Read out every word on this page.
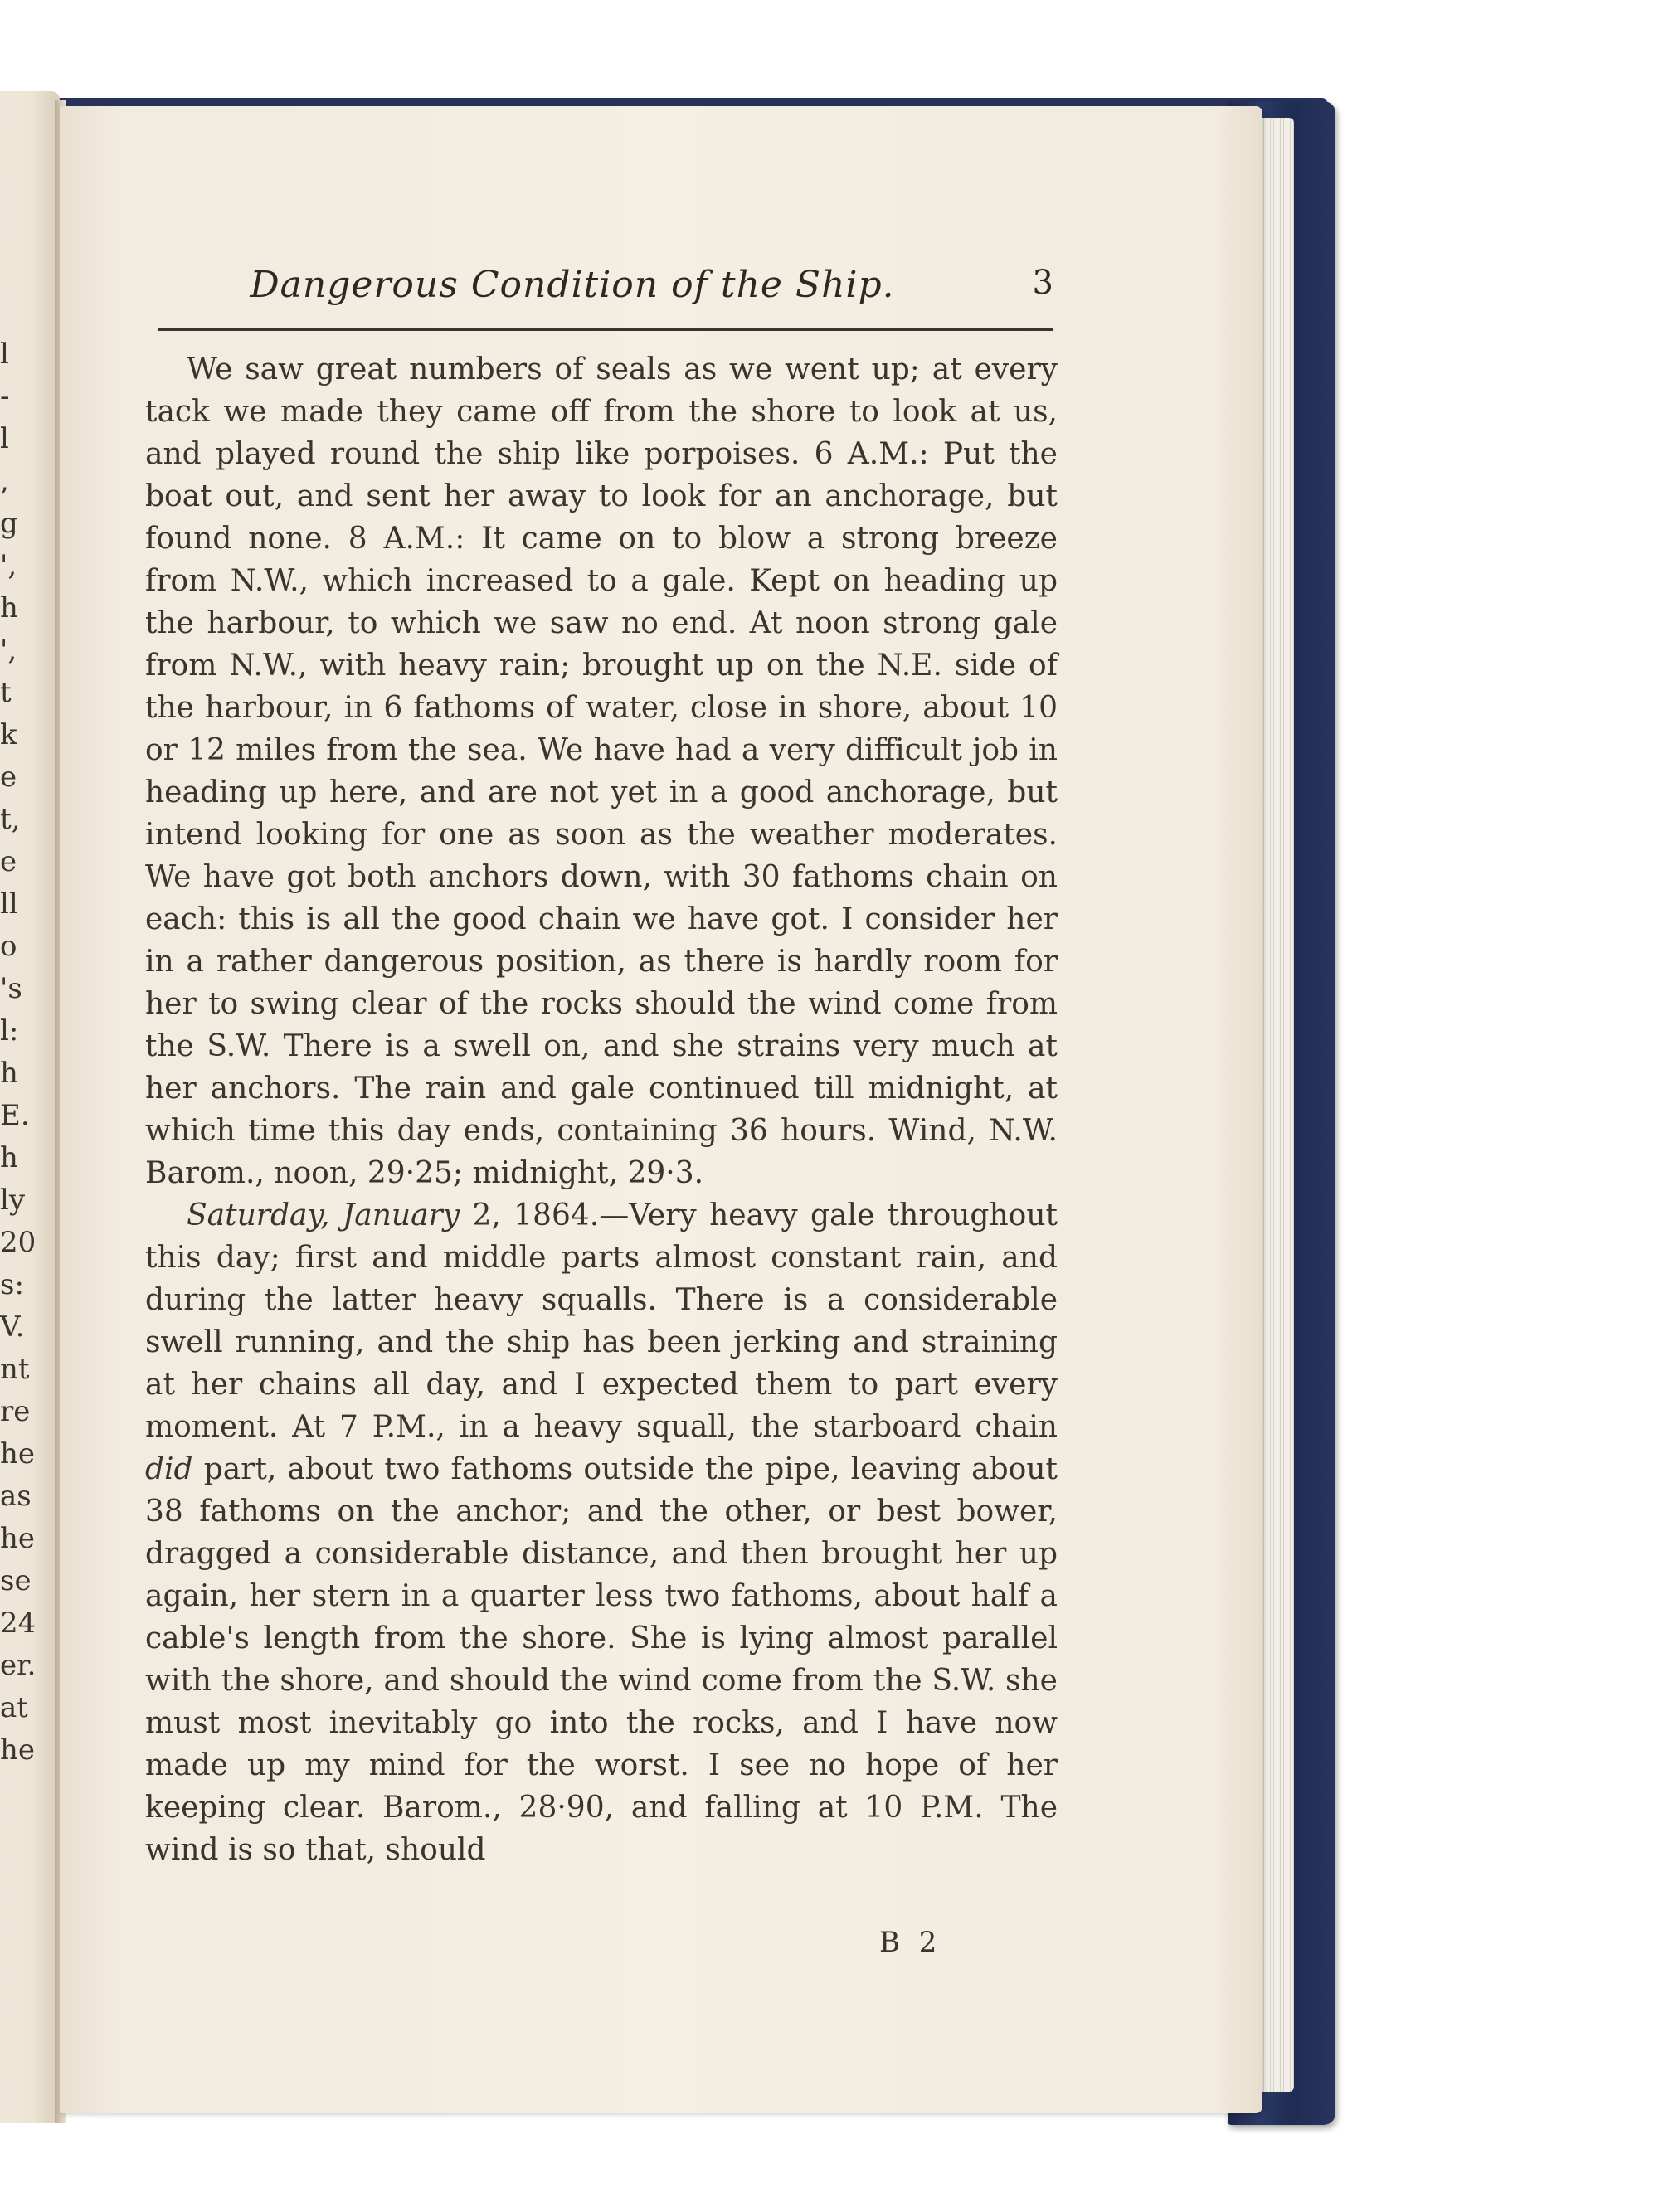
l
-
l
,
g
',
h
',
t
k
e
t,
e
ll
o
's
l:
h
E.
h
ly
20
s:
V.
nt
re
he
as
he
se
24
er.
at
he
Dangerous Condition of the Ship.	3

We saw great numbers of seals as we went up; at every tack we made they came off from the shore to look at us, and played round the ship like porpoises. 6 A.M.: Put the boat out, and sent her away to look for an anchorage, but found none. 8 A.M.: It came on to blow a strong breeze from N.W., which increased to a gale. Kept on heading up the harbour, to which we saw no end. At noon strong gale from N.W., with heavy rain; brought up on the N.E. side of the harbour, in 6 fathoms of water, close in shore, about 10 or 12 miles from the sea. We have had a very difficult job in heading up here, and are not yet in a good anchorage, but intend looking for one as soon as the weather moderates. We have got both anchors down, with 30 fathoms chain on each: this is all the good chain we have got. I consider her in a rather dangerous position, as there is hardly room for her to swing clear of the rocks should the wind come from the S.W. There is a swell on, and she strains very much at her anchors. The rain and gale continued till midnight, at which time this day ends, containing 36 hours. Wind, N.W. Barom., noon, 29·25; midnight, 29·3.

Saturday, January 2, 1864.—Very heavy gale throughout this day; first and middle parts almost constant rain, and during the latter heavy squalls. There is a considerable swell running, and the ship has been jerking and straining at her chains all day, and I expected them to part every moment. At 7 P.M., in a heavy squall, the starboard chain did part, about two fathoms outside the pipe, leaving about 38 fathoms on the anchor; and the other, or best bower, dragged a considerable distance, and then brought her up again, her stern in a quarter less two fathoms, about half a cable's length from the shore. She is lying almost parallel with the shore, and should the wind come from the S.W. she must most inevitably go into the rocks, and I have now made up my mind for the worst. I see no hope of her keeping clear. Barom., 28·90, and falling at 10 P.M. The wind is so that, should

B 2
